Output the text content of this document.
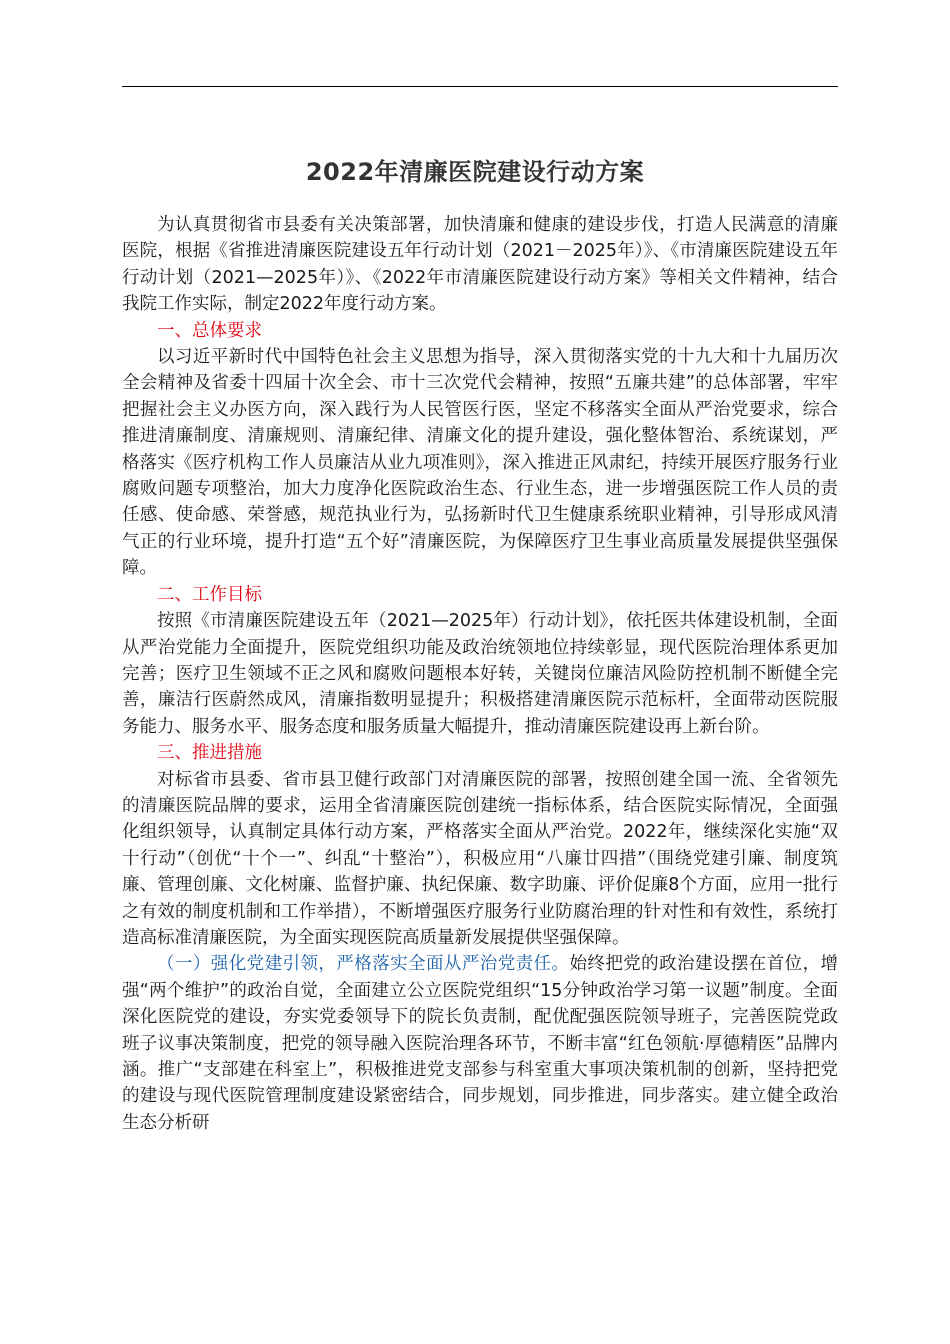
2022年清廉医院建设行动方案

为认真贯彻省市县委有关决策部署，加快清廉和健康的建设步伐，打造人民满意的清廉医院，根据《省推进清廉医院建设五年行动计划（2021－2025年）》、《市清廉医院建设五年行动计划（2021—2025年）》、《2022年市清廉医院建设行动方案》等相关文件精神，结合我院工作实际，制定2022年度行动方案。

一、总体要求

以习近平新时代中国特色社会主义思想为指导，深入贯彻落实党的十九大和十九届历次全会精神及省委十四届十次全会、市十三次党代会精神，按照“五廉共建”的总体部署，牢牢把握社会主义办医方向，深入践行为人民管医行医，坚定不移落实全面从严治党要求，综合推进清廉制度、清廉规则、清廉纪律、清廉文化的提升建设，强化整体智治、系统谋划，严格落实《医疗机构工作人员廉洁从业九项准则》，深入推进正风肃纪，持续开展医疗服务行业腐败问题专项整治，加大力度净化医院政治生态、行业生态，进一步增强医院工作人员的责任感、使命感、荣誉感，规范执业行为，弘扬新时代卫生健康系统职业精神，引导形成风清气正的行业环境，提升打造“五个好”清廉医院，为保障医疗卫生事业高质量发展提供坚强保障。

二、工作目标

按照《市清廉医院建设五年（2021—2025年）行动计划》，依托医共体建设机制，全面从严治党能力全面提升，医院党组织功能及政治统领地位持续彰显，现代医院治理体系更加完善；医疗卫生领域不正之风和腐败问题根本好转，关键岗位廉洁风险防控机制不断健全完善，廉洁行医蔚然成风，清廉指数明显提升；积极搭建清廉医院示范标杆，全面带动医院服务能力、服务水平、服务态度和服务质量大幅提升，推动清廉医院建设再上新台阶。

三、推进措施

对标省市县委、省市县卫健行政部门对清廉医院的部署，按照创建全国一流、全省领先的清廉医院品牌的要求，运用全省清廉医院创建统一指标体系，结合医院实际情况，全面强化组织领导，认真制定具体行动方案，严格落实全面从严治党。2022年，继续深化实施“双十行动”（创优“十个一”、纠乱“十整治”），积极应用“八廉廿四措”（围绕党建引廉、制度筑廉、管理创廉、文化树廉、监督护廉、执纪保廉、数字助廉、评价促廉8个方面，应用一批行之有效的制度机制和工作举措），不断增强医疗服务行业防腐治理的针对性和有效性，系统打造高标准清廉医院，为全面实现医院高质量新发展提供坚强保障。

（一）强化党建引领，严格落实全面从严治党责任。始终把党的政治建设摆在首位，增强“两个维护”的政治自觉，全面建立公立医院党组织“15分钟政治学习第一议题”制度。全面深化医院党的建设，夯实党委领导下的院长负责制，配优配强医院领导班子，完善医院党政班子议事决策制度，把党的领导融入医院治理各环节，不断丰富“红色领航·厚德精医”品牌内涵。推广“支部建在科室上”，积极推进党支部参与科室重大事项决策机制的创新，坚持把党的建设与现代医院管理制度建设紧密结合，同步规划，同步推进，同步落实。建立健全政治生态分析研
